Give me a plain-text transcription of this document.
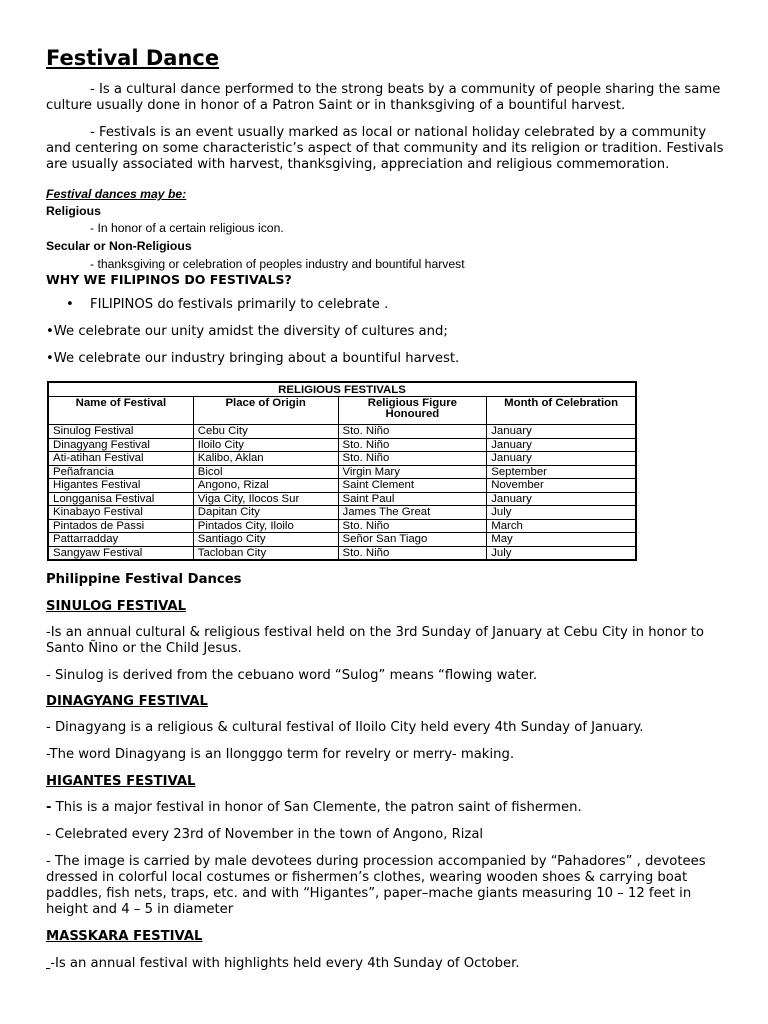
Festival Dance
- Is a cultural dance performed to the strong beats by a community of people sharing the same culture usually done in honor of a Patron Saint or in thanksgiving of a bountiful harvest.
- Festivals is an event usually marked as local or national holiday celebrated by a community and centering on some characteristic’s aspect of that community and its religion or tradition. Festivals are usually associated with harvest, thanksgiving, appreciation and religious commemoration.
Festival dances may be:
Religious
- In honor of a certain religious icon.
Secular or Non-Religious
- thanksgiving or celebration of peoples industry and bountiful harvest
WHY WE FILIPINOS DO FESTIVALS?
• FILIPINOS do festivals primarily to celebrate .
•We celebrate our unity amidst the diversity of cultures and;
•We celebrate our industry bringing about a bountiful harvest.
RELIGIOUS FESTIVALS			
Name of Festival	Place of Origin	Religious Figure Honoured	Month of Celebration
Sinulog Festival	Cebu City	Sto. Niño	January
Dinagyang Festival	Iloilo City	Sto. Niño	January
Ati-atihan Festival	Kalibo, Aklan	Sto. Niño	January
Peñafrancia	Bicol	Virgin Mary	September
Higantes Festival	Angono, Rizal	Saint Clement	November
Longganisa Festival	Viga City, Ilocos Sur	Saint Paul	January
Kinabayo Festival	Dapitan City	James The Great	July
Pintados de Passi	Pintados City, Iloilo	Sto. Niño	March
Pattarradday	Santiago City	Señor San Tiago	May
Sangyaw Festival	Tacloban City	Sto. Niño	July
Philippine Festival Dances
SINULOG FESTIVAL
-Is an annual cultural & religious festival held on the 3rd Sunday of January at Cebu City in honor to Santo Ñino or the Child Jesus.
- Sinulog is derived from the cebuano word “Sulog” means “flowing water.
DINAGYANG FESTIVAL
- Dinagyang is a religious & cultural festival of Iloilo City held every 4th Sunday of January.
-The word Dinagyang is an Ilongggo term for revelry or merry- making.
HIGANTES FESTIVAL
- This is a major festival in honor of San Clemente, the patron saint of fishermen.
- Celebrated every 23rd of November in the town of Angono, Rizal
- The image is carried by male devotees during procession accompanied by “Pahadores” , devotees dressed in colorful local costumes or fishermen’s clothes, wearing wooden shoes & carrying boat paddles, fish nets, traps, etc. and with “Higantes”, paper–mache giants measuring 10 – 12 feet in height and 4 – 5 in diameter
MASSKARA FESTIVAL
-Is an annual festival with highlights held every 4th Sunday of October.
